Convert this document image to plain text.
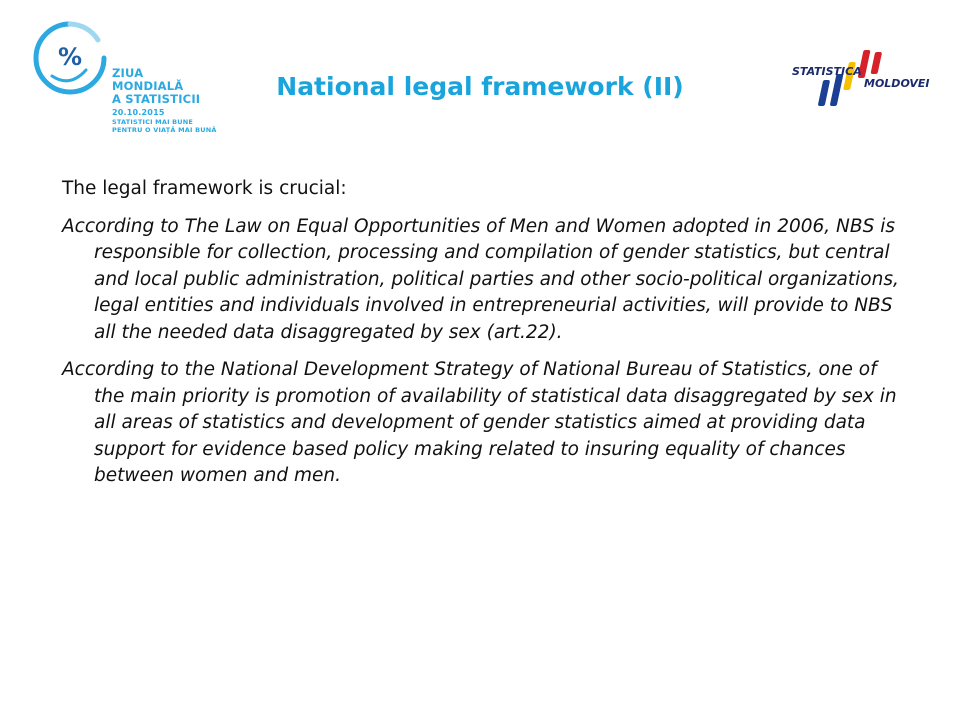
%
ZIUA
MONDIALĂ
A STATISTICII
20.10.2015
STATISTICI MAI BUNE
PENTRU O VIAȚĂ MAI BUNĂ
National legal framework (II)
STATISTICA
MOLDOVEI

The legal framework is crucial:

According to The Law on Equal Opportunities of Men and Women adopted in 2006, NBS is responsible for collection, processing and compilation of gender statistics, but central and local public administration, political parties and other socio-political organizations, legal entities and individuals involved in entrepreneurial activities, will provide to NBS all the needed data disaggregated by sex (art.22).

According to the National Development Strategy of National Bureau of Statistics, one of the main priority is promotion of availability of statistical data disaggregated by sex in all areas of statistics and development of gender statistics aimed at providing data support for evidence based policy making related to insuring equality of chances between women and men.
